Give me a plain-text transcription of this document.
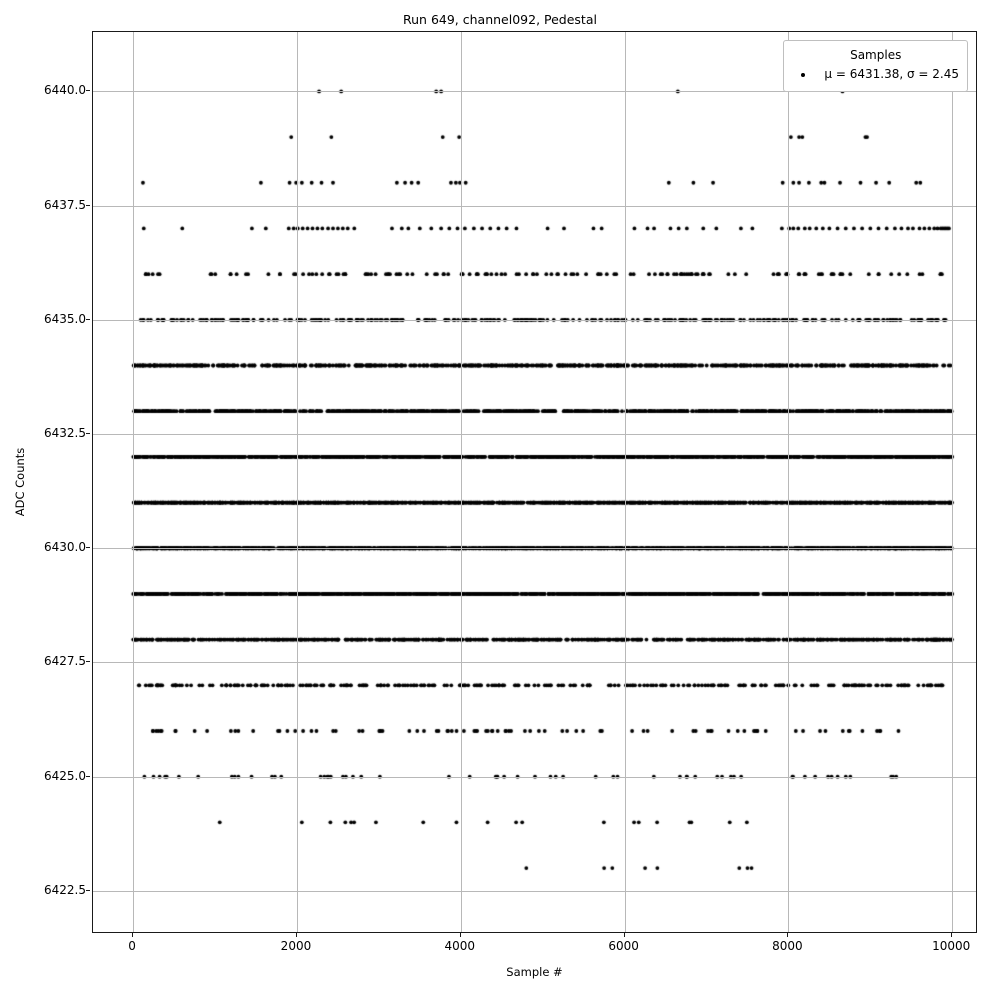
Run 649, channel092, Pedestal
Samples
μ = 6431.38, σ = 2.45
6422.5
6425.0
6427.5
6430.0
6432.5
6435.0
6437.5
6440.0
0	2000	4000	6000	8000	10000
Sample #
ADC Counts
